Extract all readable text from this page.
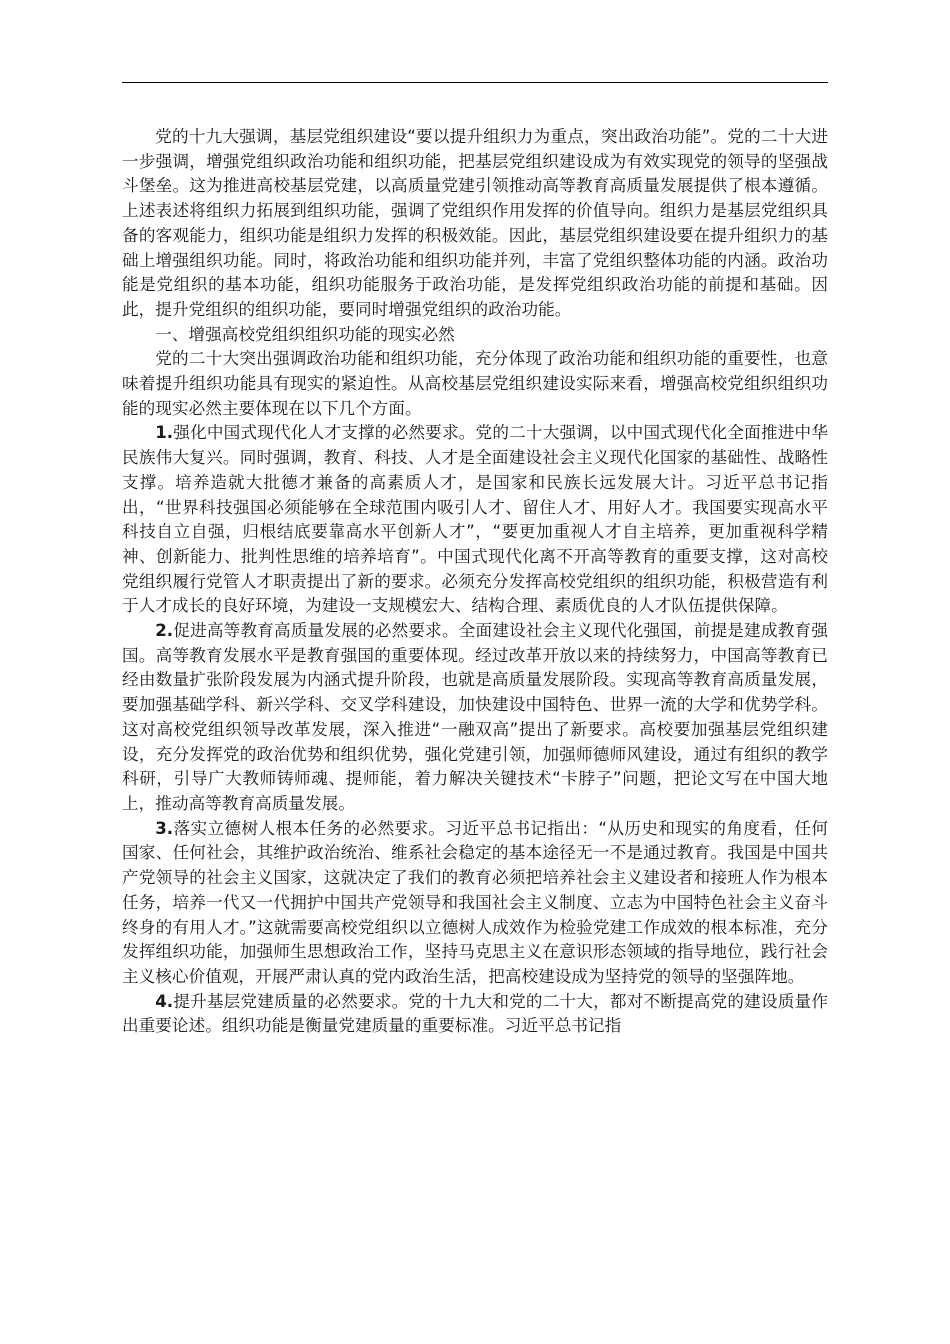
党的十九大强调，基层党组织建设“要以提升组织力为重点，突出政治功能”。党的二十大进一步强调，增强党组织政治功能和组织功能，把基层党组织建设成为有效实现党的领导的坚强战斗堡垒。这为推进高校基层党建，以高质量党建引领推动高等教育高质量发展提供了根本遵循。上述表述将组织力拓展到组织功能，强调了党组织作用发挥的价值导向。组织力是基层党组织具备的客观能力，组织功能是组织力发挥的积极效能。因此，基层党组织建设要在提升组织力的基础上增强组织功能。同时，将政治功能和组织功能并列，丰富了党组织整体功能的内涵。政治功能是党组织的基本功能，组织功能服务于政治功能，是发挥党组织政治功能的前提和基础。因此，提升党组织的组织功能，要同时增强党组织的政治功能。

一、增强高校党组织组织功能的现实必然

党的二十大突出强调政治功能和组织功能，充分体现了政治功能和组织功能的重要性，也意味着提升组织功能具有现实的紧迫性。从高校基层党组织建设实际来看，增强高校党组织组织功能的现实必然主要体现在以下几个方面。

1.强化中国式现代化人才支撑的必然要求。党的二十大强调，以中国式现代化全面推进中华民族伟大复兴。同时强调，教育、科技、人才是全面建设社会主义现代化国家的基础性、战略性支撑。培养造就大批德才兼备的高素质人才，是国家和民族长远发展大计。习近平总书记指出，“世界科技强国必须能够在全球范围内吸引人才、留住人才、用好人才。我国要实现高水平科技自立自强，归根结底要靠高水平创新人才”，“要更加重视人才自主培养，更加重视科学精神、创新能力、批判性思维的培养培育”。中国式现代化离不开高等教育的重要支撑，这对高校党组织履行党管人才职责提出了新的要求。必须充分发挥高校党组织的组织功能，积极营造有利于人才成长的良好环境，为建设一支规模宏大、结构合理、素质优良的人才队伍提供保障。

2.促进高等教育高质量发展的必然要求。全面建设社会主义现代化强国，前提是建成教育强国。高等教育发展水平是教育强国的重要体现。经过改革开放以来的持续努力，中国高等教育已经由数量扩张阶段发展为内涵式提升阶段，也就是高质量发展阶段。实现高等教育高质量发展，要加强基础学科、新兴学科、交叉学科建设，加快建设中国特色、世界一流的大学和优势学科。这对高校党组织领导改革发展，深入推进“一融双高”提出了新要求。高校要加强基层党组织建设，充分发挥党的政治优势和组织优势，强化党建引领，加强师德师风建设，通过有组织的教学科研，引导广大教师铸师魂、提师能，着力解决关键技术“卡脖子”问题，把论文写在中国大地上，推动高等教育高质量发展。

3.落实立德树人根本任务的必然要求。习近平总书记指出：“从历史和现实的角度看，任何国家、任何社会，其维护政治统治、维系社会稳定的基本途径无一不是通过教育。我国是中国共产党领导的社会主义国家，这就决定了我们的教育必须把培养社会主义建设者和接班人作为根本任务，培养一代又一代拥护中国共产党领导和我国社会主义制度、立志为中国特色社会主义奋斗终身的有用人才。”这就需要高校党组织以立德树人成效作为检验党建工作成效的根本标准，充分发挥组织功能，加强师生思想政治工作，坚持马克思主义在意识形态领域的指导地位，践行社会主义核心价值观，开展严肃认真的党内政治生活，把高校建设成为坚持党的领导的坚强阵地。

4.提升基层党建质量的必然要求。党的十九大和党的二十大，都对不断提高党的建设质量作出重要论述。组织功能是衡量党建质量的重要标准。习近平总书记指
